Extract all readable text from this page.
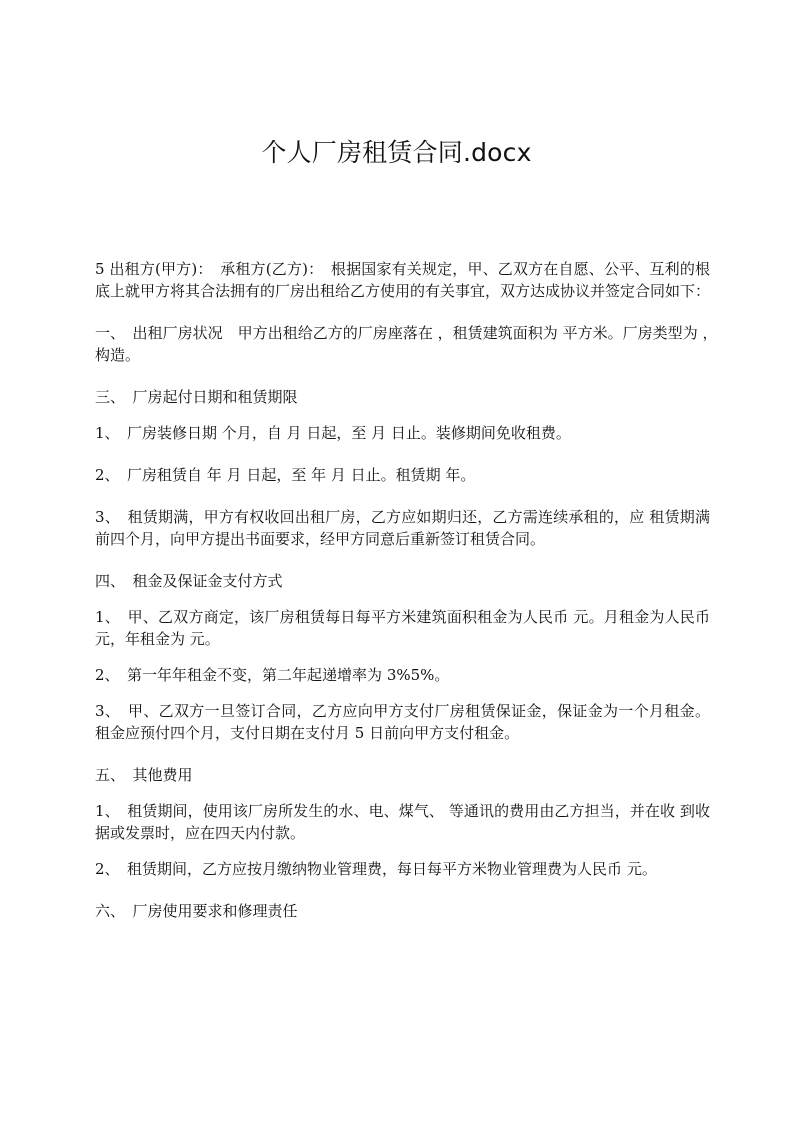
个人厂房租赁合同.docx

5 出租方(甲方)：　承租方(乙方)：　根据国家有关规定，甲、乙双方在自愿、公平、互利的根底上就甲方将其合法拥有的厂房出租给乙方使用的有关事宜，双方达成协议并签定合同如下：

一、　出租厂房状况　甲方出租给乙方的厂房座落在 ，租赁建筑面积为 平方米。厂房类型为 ，　构造。

三、　厂房起付日期和租赁期限

1、　厂房装修日期 个月，自 月 日起，至 月 日止。装修期间免收租费。

2、　厂房租赁自 年 月 日起，至 年 月 日止。租赁期 年。

3、　租赁期满，甲方有权收回出租厂房，乙方应如期归还，乙方需连续承租的，应 租赁期满前四个月，向甲方提出书面要求，经甲方同意后重新签订租赁合同。

四、　租金及保证金支付方式

1、　甲、乙双方商定，该厂房租赁每日每平方米建筑面积租金为人民币 元。月租金为人民币 元，年租金为 元。

2、　第一年年租金不变，第二年起递增率为 3%5%。

3、　甲、乙双方一旦签订合同，乙方应向甲方支付厂房租赁保证金，保证金为一个月租金。租金应预付四个月，支付日期在支付月 5 日前向甲方支付租金。

五、　其他费用

1、　租赁期间，使用该厂房所发生的水、电、煤气、 等通讯的费用由乙方担当，并在收 到收据或发票时，应在四天内付款。

2、　租赁期间，乙方应按月缴纳物业管理费，每日每平方米物业管理费为人民币 元。

六、　厂房使用要求和修理责任
